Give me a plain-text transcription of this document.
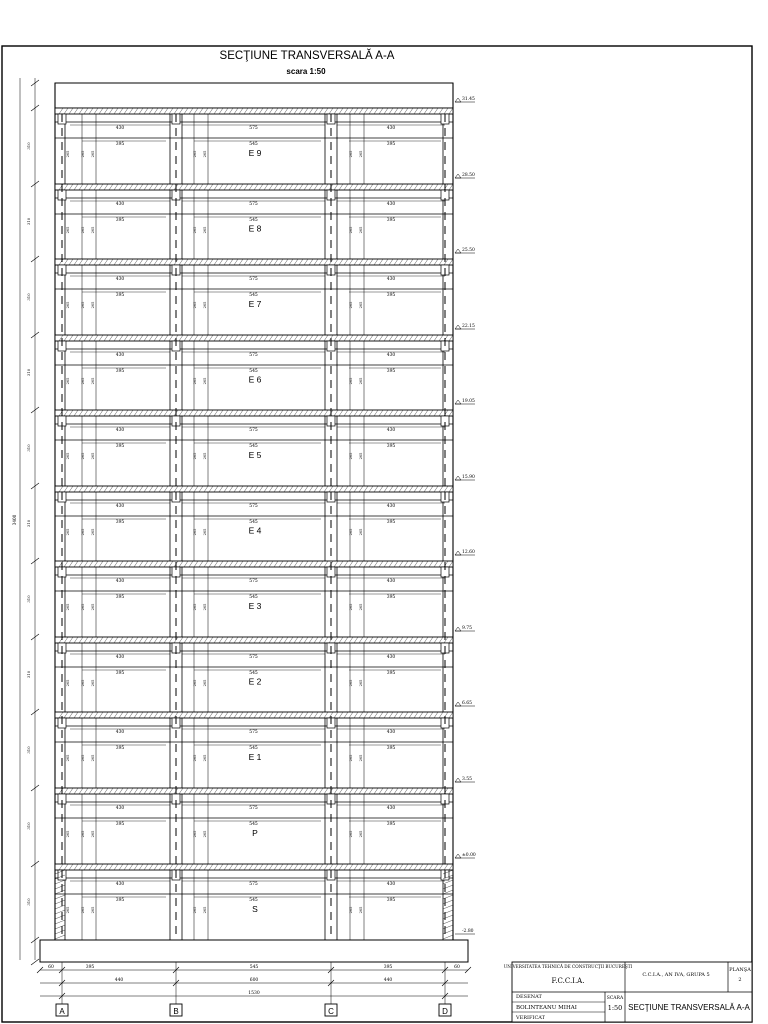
SECŢIUNE TRANSVERSALĂ A-A
scara 1:50
E 9
E 8
E 7
E 6
E 5
E 4
E 3
E 2
E 1
P
S
31.45
28.50
25.50
22.15
19.05
15.90
12.60
9.75
6.65
3.55
±0.00
-2.80
430
395
575
545
430
395
265 265	265 265	265 265
265
430
395
575
545
430
395
265 265	265 265	265 265
265
430
395
575
545
430
395
265 265	265 265	265 265
265
430
395
575
545
430
395
265 265	265 265	265 265
265
430
395
575
545
430
395
265 265	265 265	265 265
265
430
395
575
545
430
395
265 265	265 265	265 265
265
430
395
575
545
430
395
265 265	265 265	265 265
265
430
395
575
545
430
395
265 265	265 265	265 265
265
430
395
575
545
430
395
265 265	265 265	265 265
265
430
395
575
545
430
395
265 265	265 265	265 265
265
430
395
575
545
430
395
265 265	265 265	265 265
265
310
310
310
310
310
310
310
310
310
310
310
3400
60	395	545	395	60
440	600	440
1530
A	B	C	D
UNIVERSITATEA TEHNICĂ DE CONSTRUCŢII BUCUREŞTI
F.C.C.I.A.
C.C.I.A., AN IVA, GRUPA 5
PLANŞA
2
DESENAT
BOLINTEANU MIHAI
VERIFICAT
SCARA
1:50 SECŢIUNE TRANSVERSALĂ A-A
